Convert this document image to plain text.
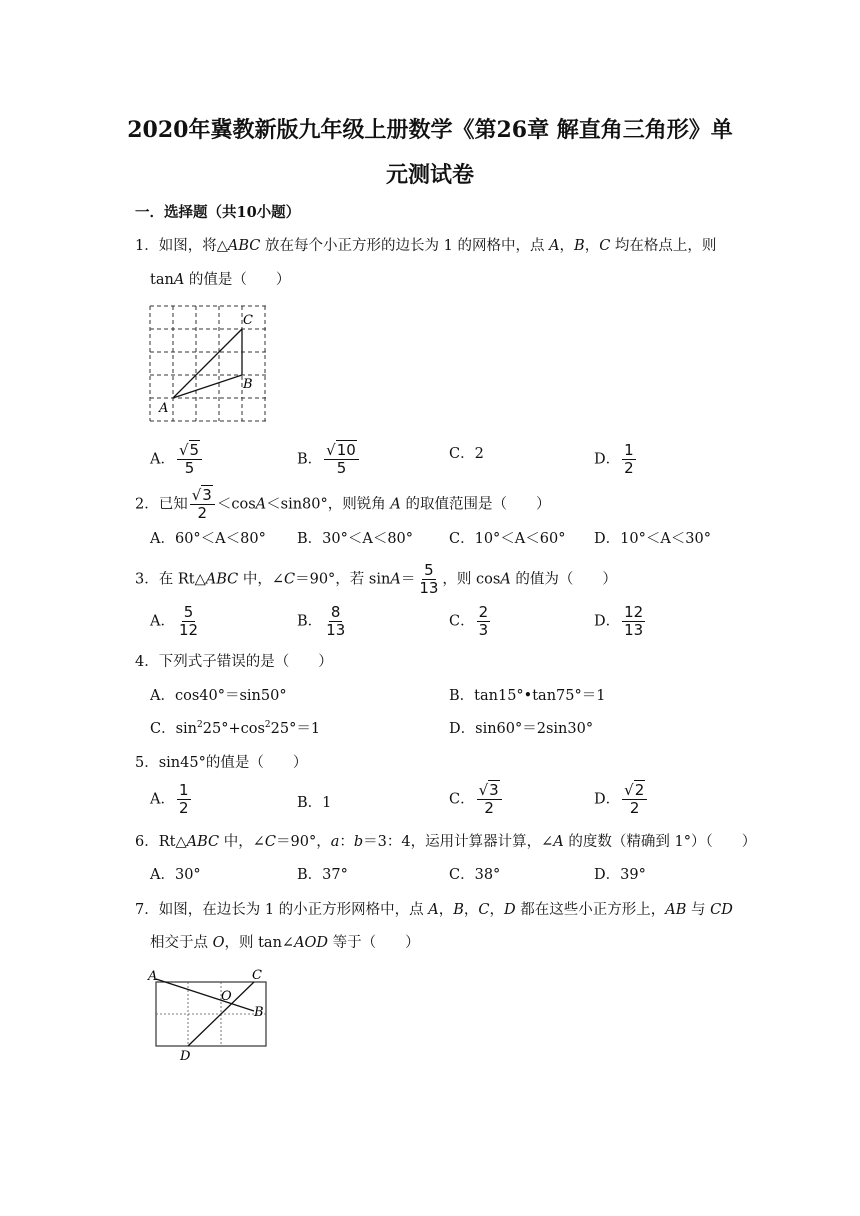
2020年冀教新版九年级上册数学《第26章 解直角三角形》单
元测试卷
一．选择题（共10小题）
1．如图，将△ABC 放在每个小正方形的边长为 1 的网格中，点 A，B，C 均在格点上，则
tanA 的值是（　　）
C
B
A
A． $\frac{√5}{5}$	B． $\frac{√10}{5}$	C．2	D． $\frac{1}{2}$
2．已知 $\frac{√3}{2} <\cos A<\sin 80^\circ$，则锐角 A 的取值范围是（　　）
A．60°＜A＜80° B．30°＜A＜80° C．10°＜A＜60° D．10°＜A＜30°
3．在 Rt△ABC 中，∠C＝90°，若 $\sin A= \frac{5}{13}$ ，则 cosA 的值为（　　）
A． $\frac{5}{12}$	B． $\frac{8}{13}$	C． $\frac{2}{3}$	D． $\frac{12}{13}$
4．下列式子错误的是（　　）
A．cos40°＝sin50°	B．tan15°•tan75°＝1
C．$\sin^225^\circ+\cos^225^\circ=1$	D．sin60°＝2sin30°
5．sin45°的值是（　　）
A． $\frac{1}{2}$	B．1	C． $\frac{√3}{2}$	D． $\frac{√2}{2}$
6．Rt△ABC 中，∠C＝90°，a：b＝3：4，运用计算器计算，∠A 的度数（精确到 1°）（　　）
A．30°	B．37°	C．38°	D．39°
7．如图，在边长为 1 的小正方形网格中，点 A，B，C，D 都在这些小正方形上，AB 与 CD
相交于点 O，则 tan∠AOD 等于（　　）
A	C
O
B
D
